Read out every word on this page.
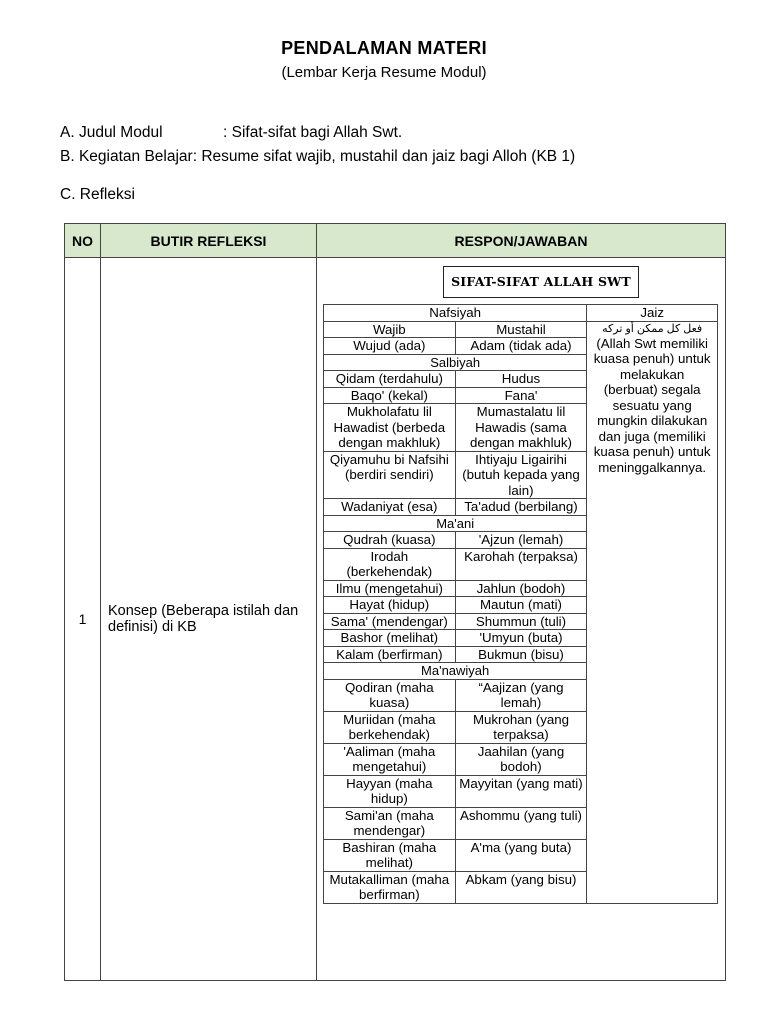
PENDALAMAN MATERI
(Lembar Kerja Resume Modul)
A. Judul Modul	: Sifat-sifat bagi Allah Swt.
B. Kegiatan Belajar: Resume sifat wajib, mustahil dan jaiz bagi Alloh (KB 1)
C. Refleksi
NO	BUTIR REFLEKSI	RESPON/JAWABAN
1	Konsep (Beberapa istilah dan definisi) di KB	
SIFAT-SIFAT ALLAH SWT
Nafsiyah	Jaiz
Wajib	Mustahil	فعل كل ممكن أو تركه
(Allah Swt memiliki kuasa penuh) untuk melakukan (berbuat) segala sesuatu yang mungkin dilakukan dan juga (memiliki kuasa penuh) untuk meninggalkannya.

Wujud (ada)	Adam (tidak ada)
Salbiyah
Qidam (terdahulu)	Hudus
Baqo' (kekal)	Fana'
Mukholafatu lil Hawadist (berbeda dengan makhluk)	Mumastalatu lil Hawadis (sama dengan makhluk)
Qiyamuhu bi Nafsihi (berdiri sendiri)	Ihtiyaju Ligairihi (butuh kepada yang lain)
Wadaniyat (esa)	Ta'adud (berbilang)
Ma'ani
Qudrah (kuasa)	'Ajzun (lemah)
Irodah (berkehendak)	Karohah (terpaksa)
Ilmu (mengetahui)	Jahlun (bodoh)
Hayat (hidup)	Mautun (mati)
Sama' (mendengar)	Shummun (tuli)
Bashor (melihat)	'Umyun (buta)
Kalam (berfirman)	Bukmun (bisu)
Ma'nawiyah
Qodiran (maha kuasa)	“Aajizan (yang lemah)
Muriidan (maha berkehendak)	Mukrohan (yang terpaksa)
'Aaliman (maha mengetahui)	Jaahilan (yang bodoh)
Hayyan (maha hidup)	Mayyitan (yang mati)
Sami'an (maha mendengar)	Ashommu (yang tuli)
Bashiran (maha melihat)	A'ma (yang buta)
Mutakalliman (maha berfirman)	Abkam (yang bisu)
